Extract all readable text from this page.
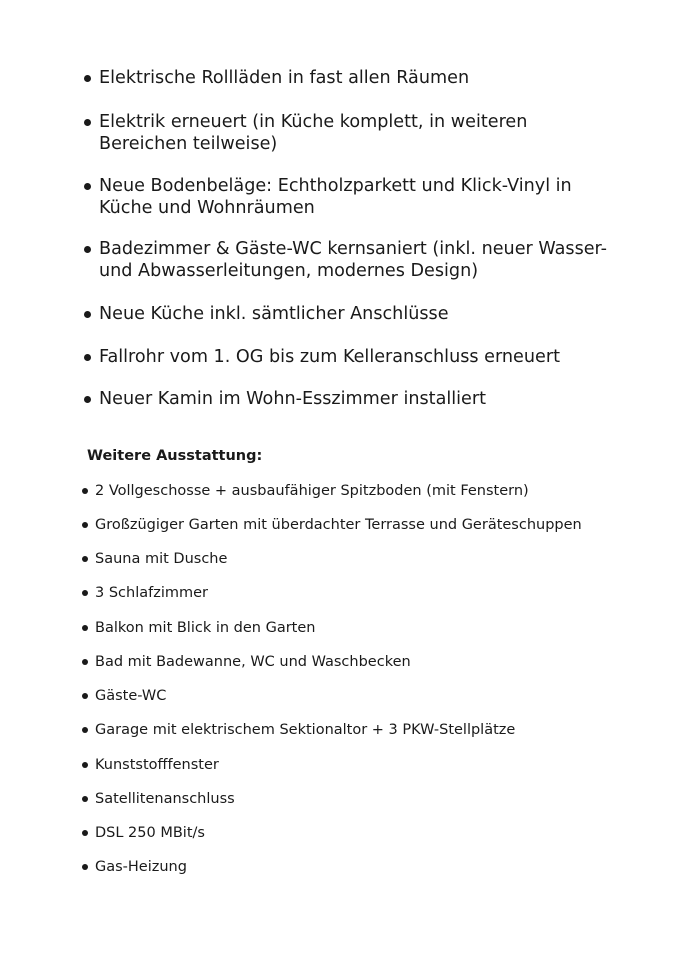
Elektrische Rollläden in fast allen Räumen
Elektrik erneuert (in Küche komplett, in weiteren Bereichen teilweise)
Neue Bodenbeläge: Echtholzparkett und Klick-Vinyl in Küche und Wohnräumen
Badezimmer & Gäste-WC kernsaniert (inkl. neuer Wasser- und Abwasserleitungen, modernes Design)
Neue Küche inkl. sämtlicher Anschlüsse
Fallrohr vom 1. OG bis zum Kelleranschluss erneuert
Neuer Kamin im Wohn-Esszimmer installiert
Weitere Ausstattung:
2 Vollgeschosse + ausbaufähiger Spitzboden (mit Fenstern)
Großzügiger Garten mit überdachter Terrasse und Geräteschuppen
Sauna mit Dusche
3 Schlafzimmer
Balkon mit Blick in den Garten
Bad mit Badewanne, WC und Waschbecken
Gäste-WC
Garage mit elektrischem Sektionaltor + 3 PKW-Stellplätze
Kunststofffenster
Satellitenanschluss
DSL 250 MBit/s
Gas-Heizung
